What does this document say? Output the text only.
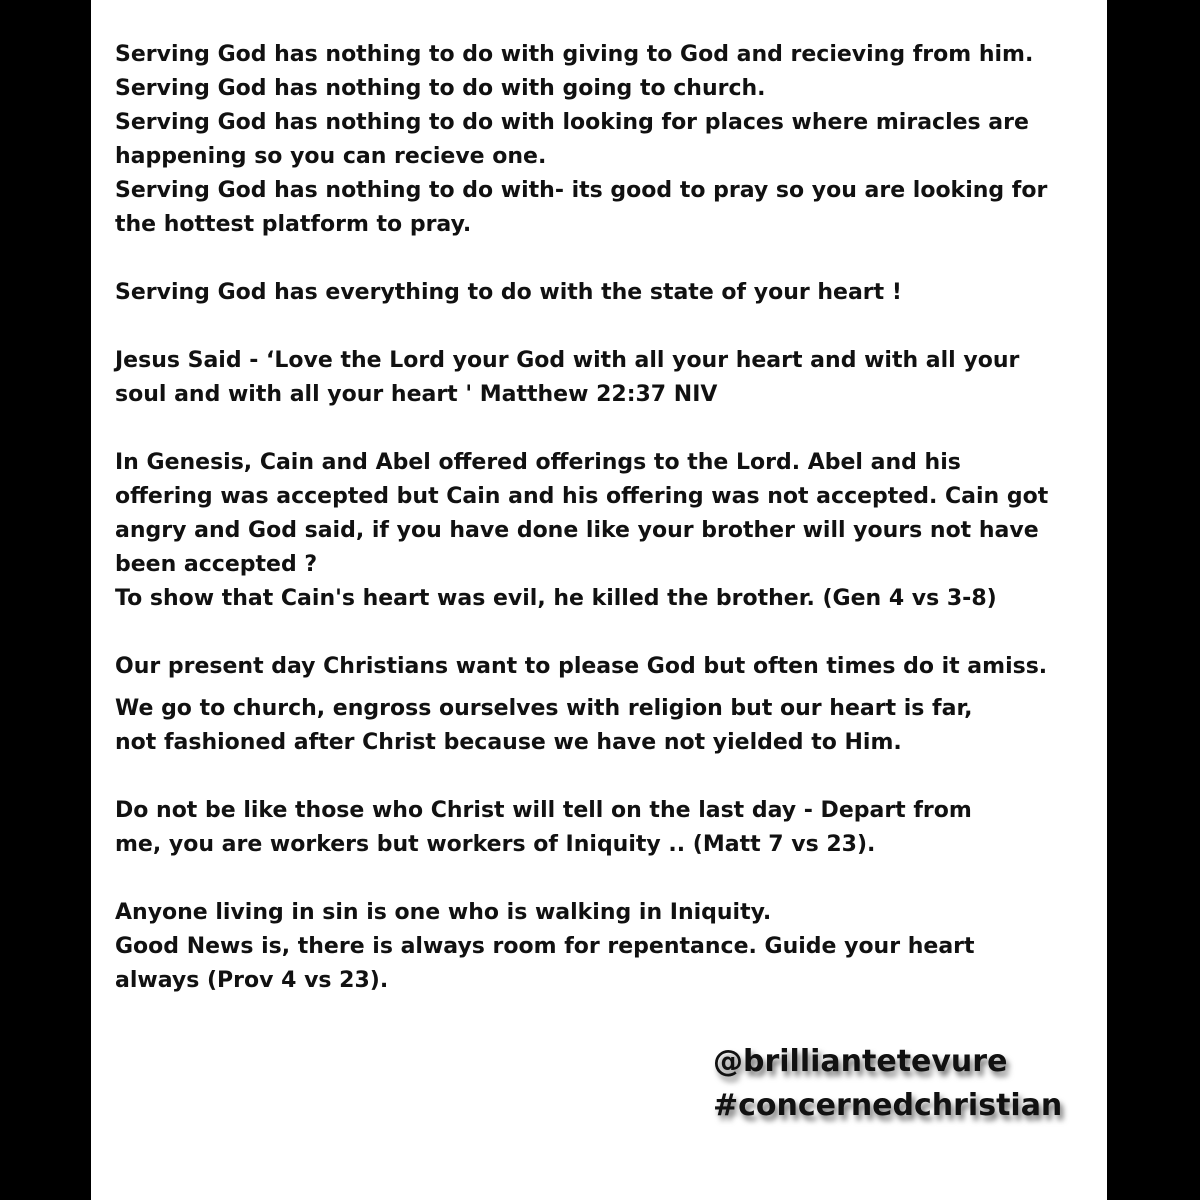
Serving God has nothing to do with giving to God and recieving from him.

Serving God has nothing to do with going to church.

Serving God has nothing to do with looking for places where miracles are

happening so you can recieve one.

Serving God has nothing to do with- its good to pray so you are looking for

the hottest platform to pray.

Serving God has everything to do with the state of your heart !

Jesus Said - ‘Love the Lord your God with all your heart and with all your

soul and with all your heart ' Matthew 22:37 NIV

In Genesis, Cain and Abel offered offerings to the Lord. Abel and his

offering was accepted but Cain and his offering was not accepted. Cain got

angry and God said, if you have done like your brother will yours not have

been accepted ?

To show that Cain's heart was evil, he killed the brother. (Gen 4 vs 3-8)

Our present day Christians want to please God but often times do it amiss.

We go to church, engross ourselves with religion but our heart is far,

not fashioned after Christ because we have not yielded to Him.

Do not be like those who Christ will tell on the last day - Depart from

me, you are workers but workers of Iniquity .. (Matt 7 vs 23).

Anyone living in sin is one who is walking in Iniquity.

Good News is, there is always room for repentance. Guide your heart

always (Prov 4 vs 23).

@brilliantetevure
#concernedchristian
